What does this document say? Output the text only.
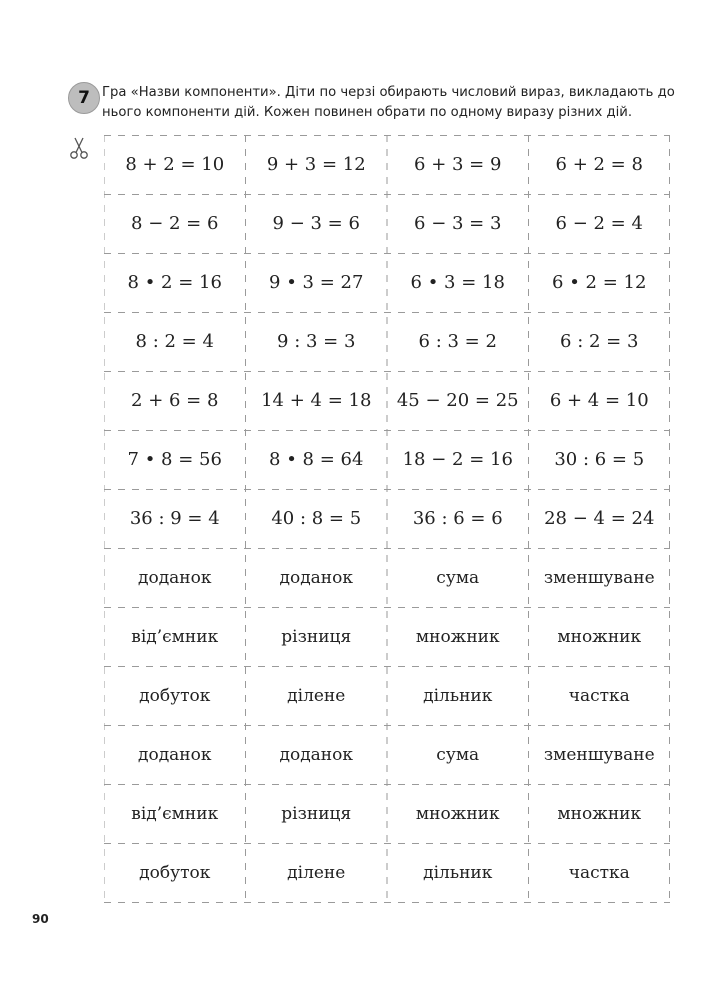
7 Гра «Назви компоненти». Діти по черзі обирають числовий вираз, викладають до нього компоненти дій. Кожен повинен обрати по одному виразу різних дій.
8 + 2 = 10	9 + 3 = 12	6 + 3 = 9	6 + 2 = 8
8 − 2 = 6	9 − 3 = 6	6 − 3 = 3	6 − 2 = 4
8 • 2 = 16	9 • 3 = 27	6 • 3 = 18	6 • 2 = 12
8 : 2 = 4	9 : 3 = 3	6 : 3 = 2	6 : 2 = 3
2 + 6 = 8	14 + 4 = 18	45 − 20 = 25	6 + 4 = 10
7 • 8 = 56	8 • 8 = 64	18 − 2 = 16	30 : 6 = 5
36 : 9 = 4	40 : 8 = 5	36 : 6 = 6	28 − 4 = 24
доданок	доданок	сума	зменшуване
від’ємник	різниця	множник	множник
добуток	ділене	дільник	частка
доданок	доданок	сума	зменшуване
від’ємник	різниця	множник	множник
добуток	ділене	дільник	частка
90
